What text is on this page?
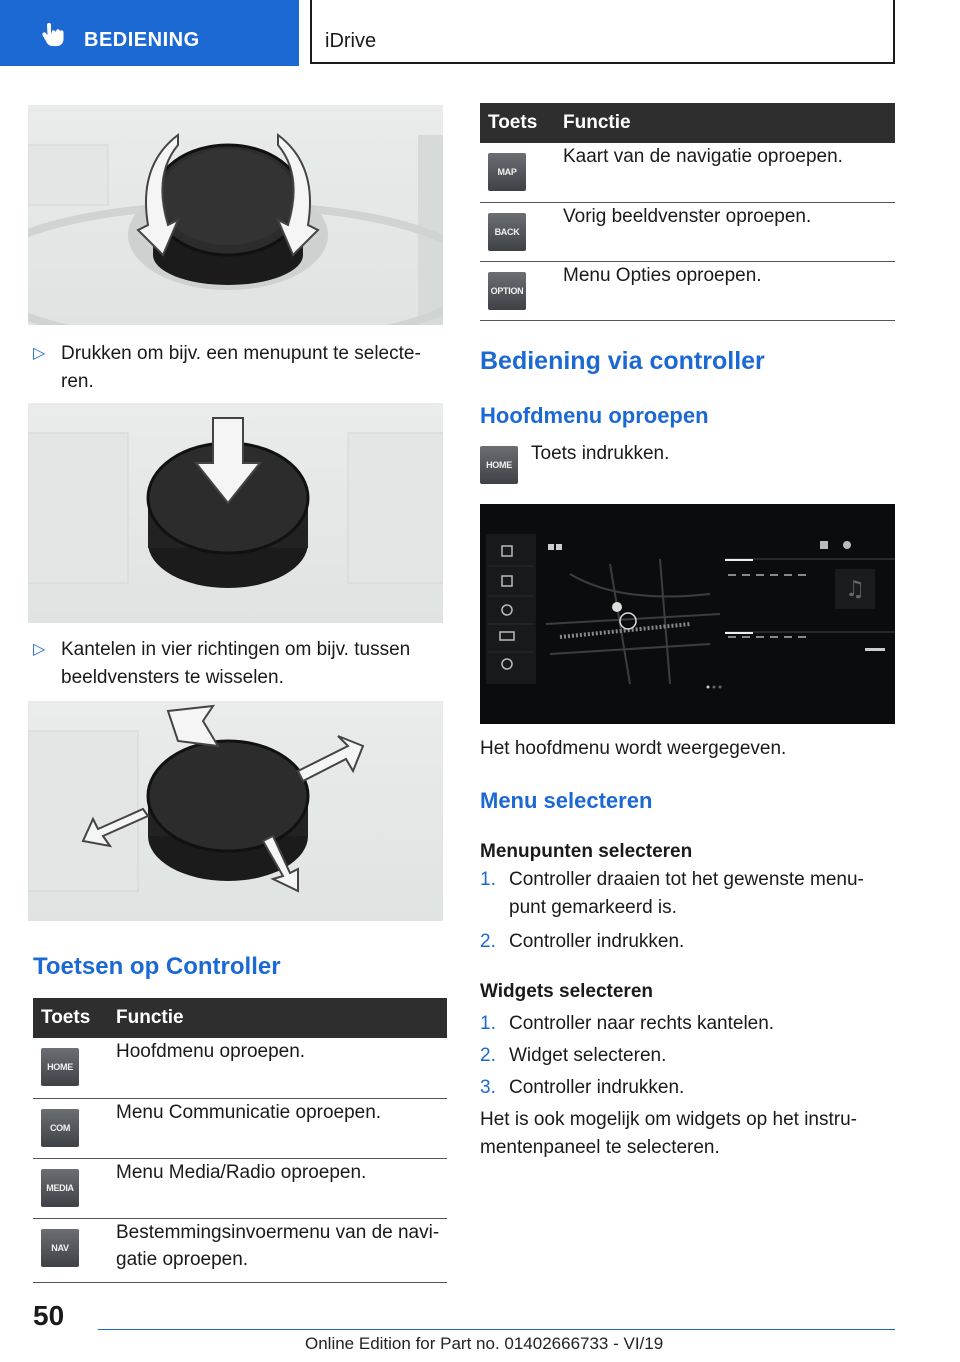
BEDIENING	iDrive
▷ Drukken om bijv. een menupunt te selecte‐ren.
▷ Kantelen in vier richtingen om bijv. tussen beeldvensters te wisselen.
Toetsen op Controller
Toets	Functie

HOME	Hoofdmenu oproepen.

COM	Menu Communicatie oproepen.

MEDIA	Menu Media/Radio oproepen.

NAV	Bestemmingsinvoermenu van de navi‐gatie oproepen.
Toets	Functie

MAP	Kaart van de navigatie oproepen.

BACK	Vorig beeldvenster oproepen.

OPTION	Menu Opties oproepen.
Bediening via controller
Hoofdmenu oproepen
HOME
Toets indrukken.
♫
Het hoofdmenu wordt weergegeven.
Menu selecteren
Menupunten selecteren
1. Controller draaien tot het gewenste menu‐punt gemarkeerd is.
2. Controller indrukken.
Widgets selecteren
1. Controller naar rechts kantelen.
2. Widget selecteren.
3. Controller indrukken.
Het is ook mogelijk om widgets op het instru‐mentenpaneel te selecteren.
50
Online Edition for Part no. 01402666733 - VI/19
